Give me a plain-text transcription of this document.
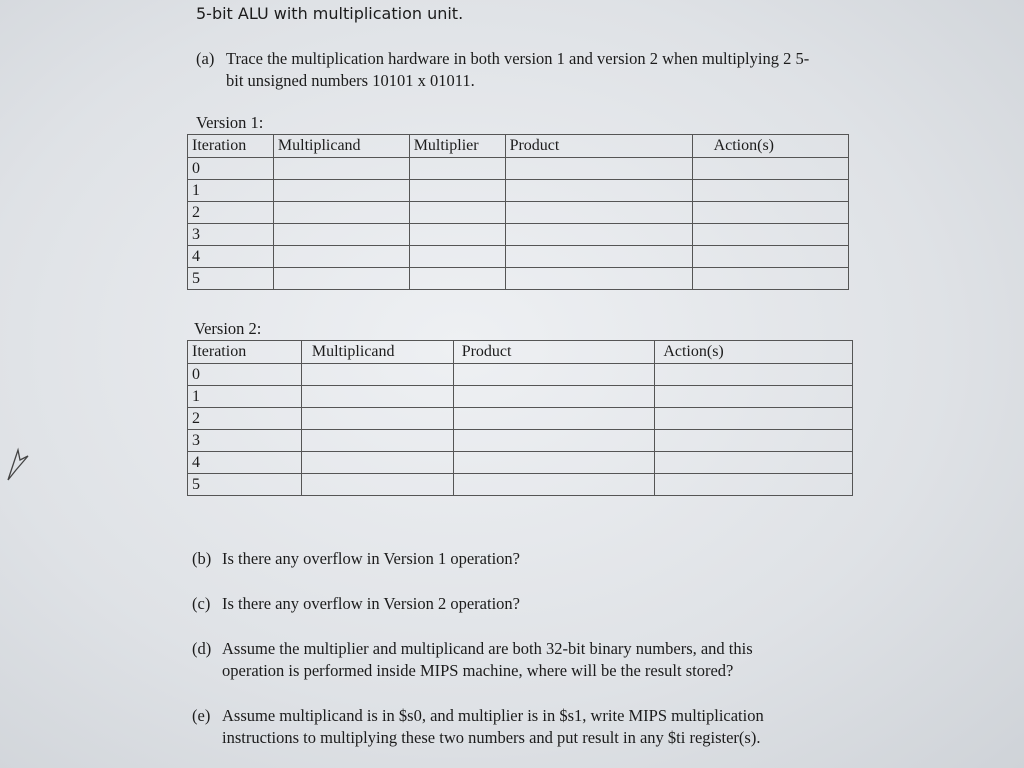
5-bit ALU with multiplication unit.
(a) Trace the multiplication hardware in both version 1 and version 2 when multiplying 2 5-
bit unsigned numbers 10101 x 01011.
Version 1:
Iteration	Multiplicand	Multiplier	Product	Action(s)
0				
1				
2				
3				
4				
5				
Version 2:
Iteration	Multiplicand	Product	Action(s)
0			
1			
2			
3			
4			
5			
(b) Is there any overflow in Version 1 operation?
(c) Is there any overflow in Version 2 operation?
(d) Assume the multiplier and multiplicand are both 32-bit binary numbers, and this
operation is performed inside MIPS machine, where will be the result stored?
(e) Assume multiplicand is in $s0, and multiplier is in $s1, write MIPS multiplication
instructions to multiplying these two numbers and put result in any $ti register(s).
